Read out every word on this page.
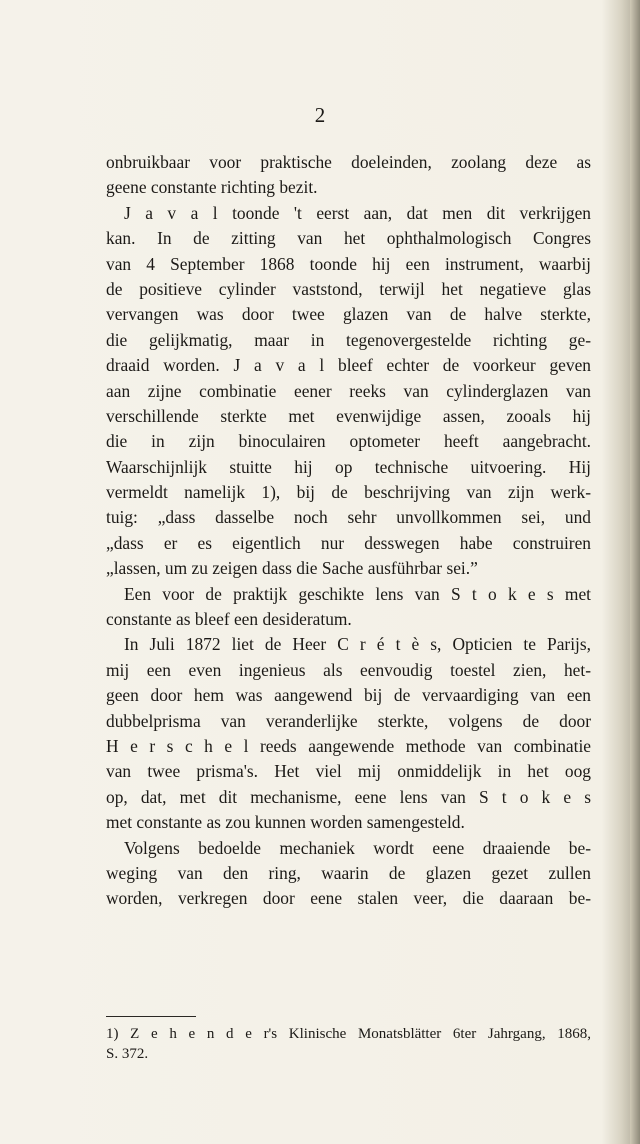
2
onbruikbaar voor praktische doeleinden, zoolang deze as
geene constante richting bezit.
J a v a l toonde 't eerst aan, dat men dit verkrijgen
kan. In de zitting van het ophthalmologisch Congres
van 4 September 1868 toonde hij een instrument, waarbij
de positieve cylinder vaststond, terwijl het negatieve glas
vervangen was door twee glazen van de halve sterkte,
die gelijkmatig, maar in tegenovergestelde richting ge-
draaid worden. J a v a l bleef echter de voorkeur geven
aan zijne combinatie eener reeks van cylinderglazen van
verschillende sterkte met evenwijdige assen, zooals hij
die in zijn binoculairen optometer heeft aangebracht.
Waarschijnlijk stuitte hij op technische uitvoering. Hij
vermeldt namelijk 1), bij de beschrijving van zijn werk-
tuig: „dass dasselbe noch sehr unvollkommen sei, und
„dass er es eigentlich nur desswegen habe construiren
„lassen, um zu zeigen dass die Sache ausführbar sei.”
Een voor de praktijk geschikte lens van S t o k e s met
constante as bleef een desideratum.
In Juli 1872 liet de Heer C r é t è s, Opticien te Parijs,
mij een even ingenieus als eenvoudig toestel zien, het-
geen door hem was aangewend bij de vervaardiging van een
dubbelprisma van veranderlijke sterkte, volgens de door
H e r s c h e l reeds aangewende methode van combinatie
van twee prisma's. Het viel mij onmiddelijk in het oog
op, dat, met dit mechanisme, eene lens van S t o k e s
met constante as zou kunnen worden samengesteld.
Volgens bedoelde mechaniek wordt eene draaiende be-
weging van den ring, waarin de glazen gezet zullen
worden, verkregen door eene stalen veer, die daaraan be-
1) Z e h e n d e r's Klinische Monatsblätter 6ter Jahrgang, 1868,
S. 372.
